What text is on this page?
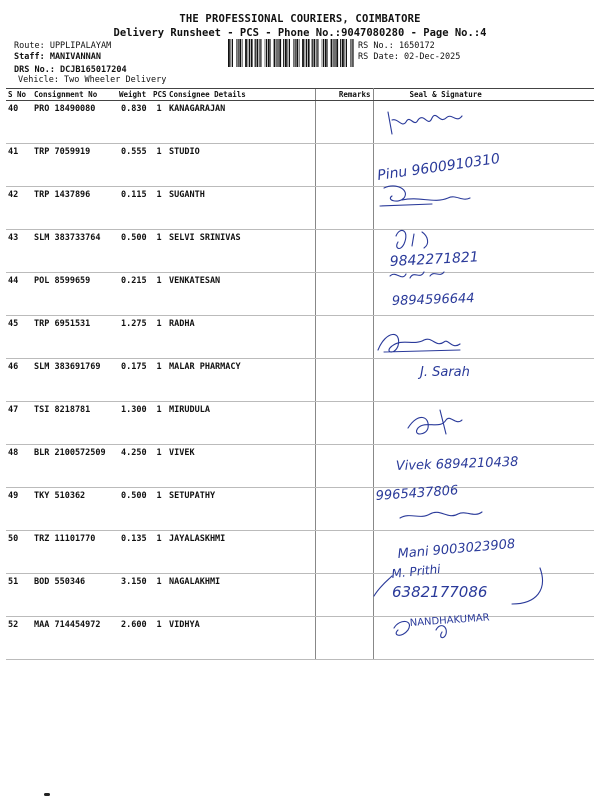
THE PROFESSIONAL COURIERS, COIMBATORE
Delivery Runsheet - PCS - Phone No.:9047080280 - Page No.:4
Route: UPPLIPALAYAM
Staff: MANIVANNAN
DRS No.: DCJB165017204
Vehicle: Two Wheeler Delivery
RS No.: 1650172
RS Date: 02-Dec-2025
S No	Consignment No	Weight	PCS	Consignee Details	Remarks	Seal & Signature
40	PRO 18490080	0.830	1	KANAGARAJAN		
41	TRP 7059919	0.555	1	STUDIO		
42	TRP 1437896	0.115	1	SUGANTH		
43	SLM 383733764	0.500	1	SELVI SRINIVAS		
44	POL 8599659	0.215	1	VENKATESAN		
45	TRP 6951531	1.275	1	RADHA		
46	SLM 383691769	0.175	1	MALAR PHARMACY		
47	TSI 8218781	1.300	1	MIRUDULA		
48	BLR 2100572509	4.250	1	VIVEK		
49	TKY 510362	0.500	1	SETUPATHY		
50	TRZ 11101770	0.135	1	JAYALASKHMI		
51	BOD 550346	3.150	1	NAGALAKHMI		
52	MAA 714454972	2.600	1	VIDHYA		
Pinu 9600910310
9842271821
9894596644
J. Sarah
Vivek 6894210438
9965437806
Mani 9003023908
M. Prithi
6382177086
NANDHAKUMAR
